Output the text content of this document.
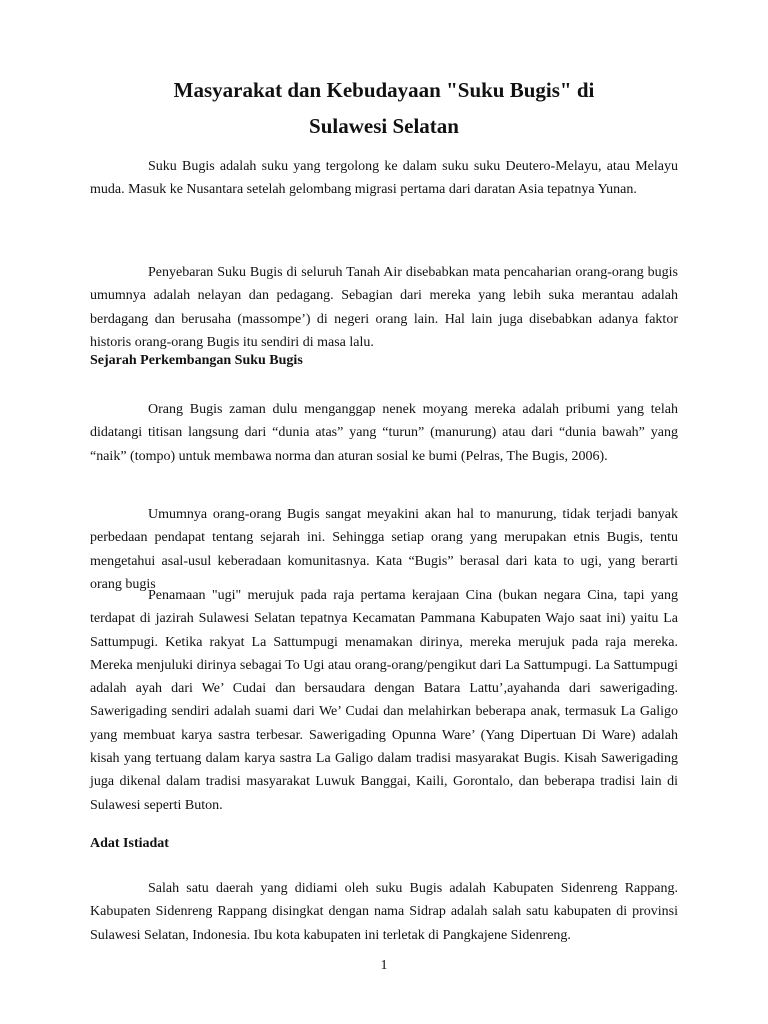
Masyarakat dan Kebudayaan "Suku Bugis" di
Sulawesi Selatan

Suku Bugis adalah suku yang tergolong ke dalam suku suku Deutero-Melayu, atau Melayu muda. Masuk ke Nusantara setelah gelombang migrasi pertama dari daratan Asia tepatnya Yunan.

Penyebaran Suku Bugis di seluruh Tanah Air disebabkan mata pencaharian orang-orang bugis umumnya adalah nelayan dan pedagang. Sebagian dari mereka yang lebih suka merantau adalah berdagang dan berusaha (massompe’) di negeri orang lain. Hal lain juga disebabkan adanya faktor historis orang-orang Bugis itu sendiri di masa lalu.

Sejarah Perkembangan Suku Bugis

Orang Bugis zaman dulu menganggap nenek moyang mereka adalah pribumi yang telah didatangi titisan langsung dari “dunia atas” yang “turun” (manurung) atau dari “dunia bawah” yang “naik” (tompo) untuk membawa norma dan aturan sosial ke bumi (Pelras, The Bugis, 2006).

Umumnya orang-orang Bugis sangat meyakini akan hal to manurung, tidak terjadi banyak perbedaan pendapat tentang sejarah ini. Sehingga setiap orang yang merupakan etnis Bugis, tentu mengetahui asal-usul keberadaan komunitasnya. Kata “Bugis” berasal dari kata to ugi, yang berarti orang bugis

Penamaan "ugi" merujuk pada raja pertama kerajaan Cina (bukan negara Cina, tapi yang terdapat di jazirah Sulawesi Selatan tepatnya Kecamatan Pammana Kabupaten Wajo saat ini) yaitu La Sattumpugi. Ketika rakyat La Sattumpugi menamakan dirinya, mereka merujuk pada raja mereka. Mereka menjuluki dirinya sebagai To Ugi atau orang-orang/pengikut dari La Sattumpugi. La Sattumpugi adalah ayah dari We’ Cudai dan bersaudara dengan Batara Lattu’,ayahanda dari sawerigading. Sawerigading sendiri adalah suami dari We’ Cudai dan melahirkan beberapa anak, termasuk La Galigo yang membuat karya sastra terbesar. Sawerigading Opunna Ware’ (Yang Dipertuan Di Ware) adalah kisah yang tertuang dalam karya sastra La Galigo dalam tradisi masyarakat Bugis. Kisah Sawerigading juga dikenal dalam tradisi masyarakat Luwuk Banggai, Kaili, Gorontalo, dan beberapa tradisi lain di Sulawesi seperti Buton.

Adat Istiadat

Salah satu daerah yang didiami oleh suku Bugis adalah Kabupaten Sidenreng Rappang. Kabupaten Sidenreng Rappang disingkat dengan nama Sidrap adalah salah satu kabupaten di provinsi Sulawesi Selatan, Indonesia. Ibu kota kabupaten ini terletak di Pangkajene Sidenreng.

1
